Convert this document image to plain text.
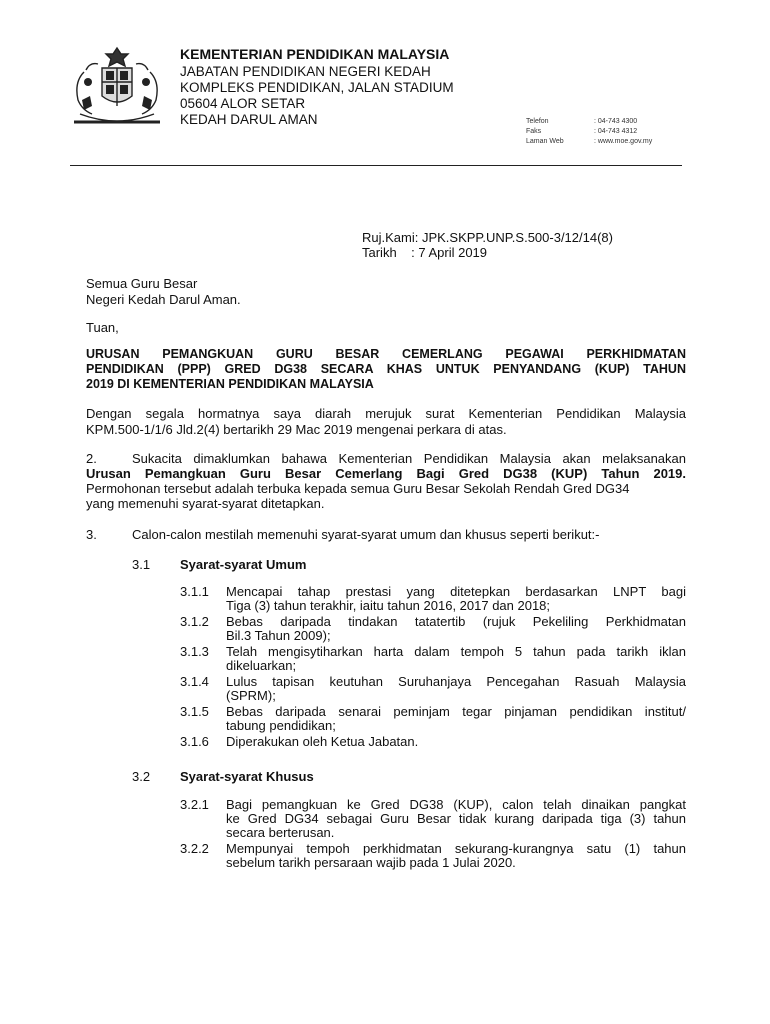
KEMENTERIAN PENDIDIKAN MALAYSIA
JABATAN PENDIDIKAN NEGERI KEDAH
KOMPLEKS PENDIDIKAN, JALAN STADIUM
05604 ALOR SETAR
KEDAH DARUL AMAN	Telefon	: 04-743 4300
Faks	: 04-743 4312
Laman Web	: www.moe.gov.my
Ruj.Kami: JPK.SKPP.UNP.S.500-3/12/14(8)
Tarikh    : 7 April 2019
Semua Guru Besar
Negeri Kedah Darul Aman.
Tuan,
URUSAN PEMANGKUAN GURU BESAR CEMERLANG PEGAWAI PERKHIDMATAN
PENDIDIKAN (PPP) GRED DG38 SECARA KHAS UNTUK PENYANDANG (KUP) TAHUN
2019 DI KEMENTERIAN PENDIDIKAN MALAYSIA
Dengan segala hormatnya saya diarah merujuk surat Kementerian Pendidikan Malaysia
KPM.500-1/1/6 Jld.2(4) bertarikh 29 Mac 2019 mengenai perkara di atas.
2.	Sukacita dimaklumkan bahawa Kementerian Pendidikan Malaysia akan melaksanakan
Urusan Pemangkuan Guru Besar Cemerlang Bagi Gred DG38 (KUP) Tahun 2019.
Permohonan tersebut adalah terbuka kepada semua Guru Besar Sekolah Rendah Gred DG34
yang memenuhi syarat-syarat ditetapkan.
3.	Calon-calon mestilah memenuhi syarat-syarat umum dan khusus seperti berikut:-
3.1 Syarat-syarat Umum
3.1.1 Mencapai tahap prestasi yang ditetepkan berdasarkan LNPT bagi
Tiga (3) tahun terakhir, iaitu tahun 2016, 2017 dan 2018;
3.1.2 Bebas daripada tindakan tatatertib (rujuk Pekeliling Perkhidmatan
Bil.3 Tahun 2009);
3.1.3 Telah mengisytiharkan harta dalam tempoh 5 tahun pada tarikh iklan
dikeluarkan;
3.1.4 Lulus tapisan keutuhan Suruhanjaya Pencegahan Rasuah Malaysia
(SPRM);
3.1.5 Bebas daripada senarai peminjam tegar pinjaman pendidikan institut/
tabung pendidikan;
3.1.6 Diperakukan oleh Ketua Jabatan.
3.2 Syarat-syarat Khusus
3.2.1 Bagi pemangkuan ke Gred DG38 (KUP), calon telah dinaikan pangkat
ke Gred DG34 sebagai Guru Besar tidak kurang daripada tiga (3) tahun
secara berterusan.
3.2.2 Mempunyai tempoh perkhidmatan sekurang-kurangnya satu (1) tahun
sebelum tarikh persaraan wajib pada 1 Julai 2020.
